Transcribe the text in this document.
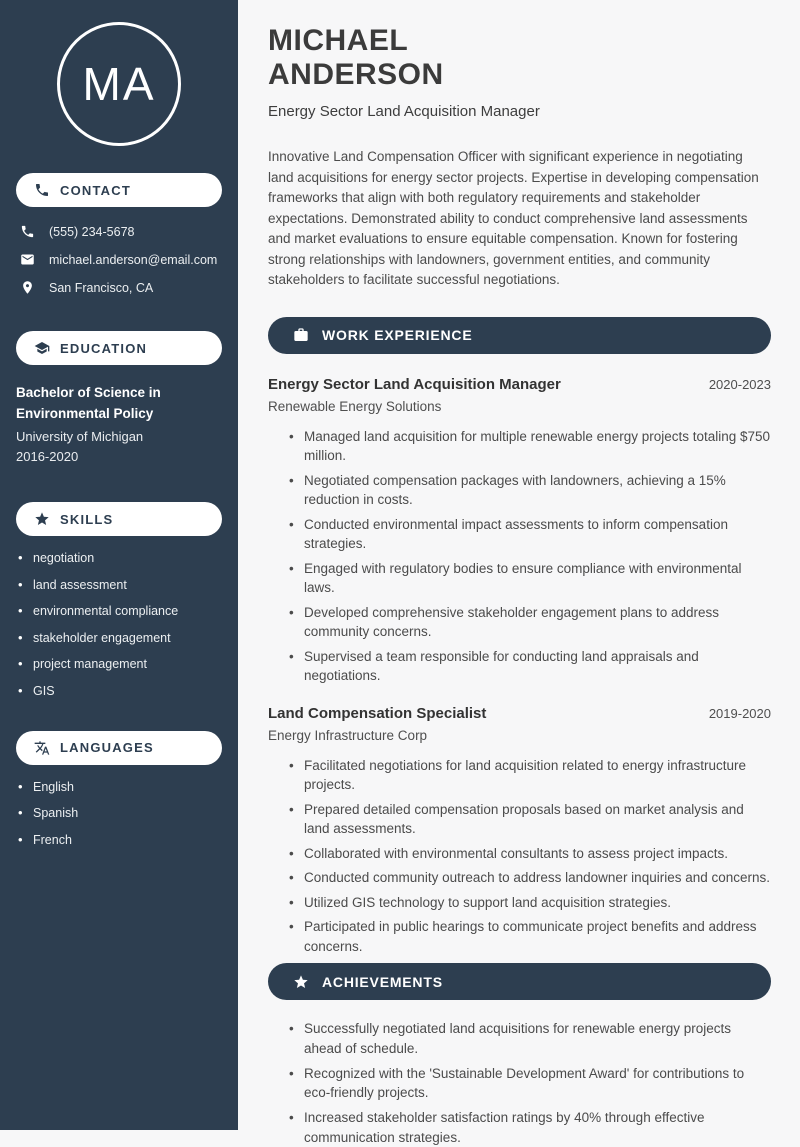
MA
CONTACT
(555) 234-5678
michael.anderson@email.com
San Francisco, CA
EDUCATION
Bachelor of Science in Environmental Policy
University of Michigan
2016-2020
SKILLS
• negotiation
• land assessment
• environmental compliance
• stakeholder engagement
• project management
• GIS
LANGUAGES
• English
• Spanish
• French
MICHAEL
ANDERSON
Energy Sector Land Acquisition Manager

Innovative Land Compensation Officer with significant experience in negotiating land acquisitions for energy sector projects. Expertise in developing compensation frameworks that align with both regulatory requirements and stakeholder expectations. Demonstrated ability to conduct comprehensive land assessments and market evaluations to ensure equitable compensation. Known for fostering strong relationships with landowners, government entities, and community stakeholders to facilitate successful negotiations.

WORK EXPERIENCE
Energy Sector Land Acquisition Manager	2020-2023
Renewable Energy Solutions
• Managed land acquisition for multiple renewable energy projects totaling $750 million.
• Negotiated compensation packages with landowners, achieving a 15% reduction in costs.
• Conducted environmental impact assessments to inform compensation strategies.
• Engaged with regulatory bodies to ensure compliance with environmental laws.
• Developed comprehensive stakeholder engagement plans to address community concerns.
• Supervised a team responsible for conducting land appraisals and negotiations.
Land Compensation Specialist	2019-2020
Energy Infrastructure Corp
• Facilitated negotiations for land acquisition related to energy infrastructure projects.
• Prepared detailed compensation proposals based on market analysis and land assessments.
• Collaborated with environmental consultants to assess project impacts.
• Conducted community outreach to address landowner inquiries and concerns.
• Utilized GIS technology to support land acquisition strategies.
• Participated in public hearings to communicate project benefits and address concerns.
ACHIEVEMENTS
• Successfully negotiated land acquisitions for renewable energy projects ahead of schedule.
• Recognized with the 'Sustainable Development Award' for contributions to eco-friendly projects.
• Increased stakeholder satisfaction ratings by 40% through effective communication strategies.
